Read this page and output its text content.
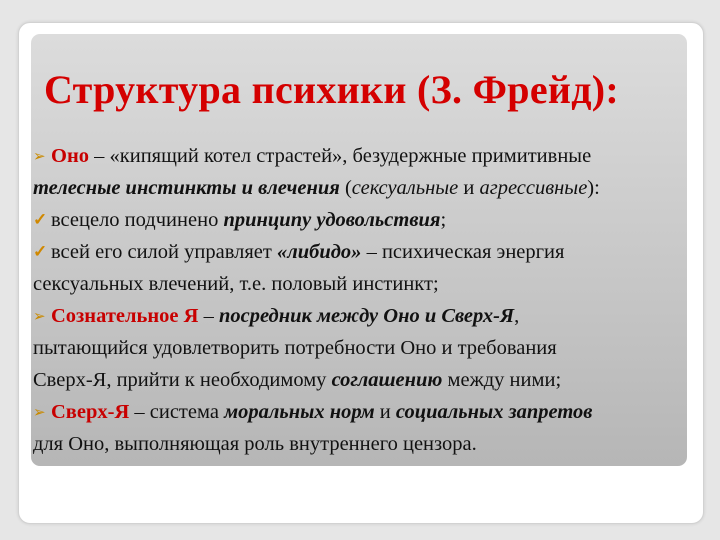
Структура психики (З. Фрейд):
➢ Оно – «кипящий котел страстей», безудержные примитивные
телесные инстинкты и влечения (сексуальные и агрессивные):
✓ всецело подчинено принципу удовольствия;
✓ всей его силой управляет «либидо» – психическая энергия
сексуальных влечений, т.е. половый инстинкт;
➢ Сознательное Я – посредник между Оно и Сверх-Я,
пытающийся удовлетворить потребности Оно и требования
Сверх-Я, прийти к необходимому соглашению между ними;
➢ Сверх-Я – система моральных норм и социальных запретов
для Оно, выполняющая роль внутреннего цензора.
